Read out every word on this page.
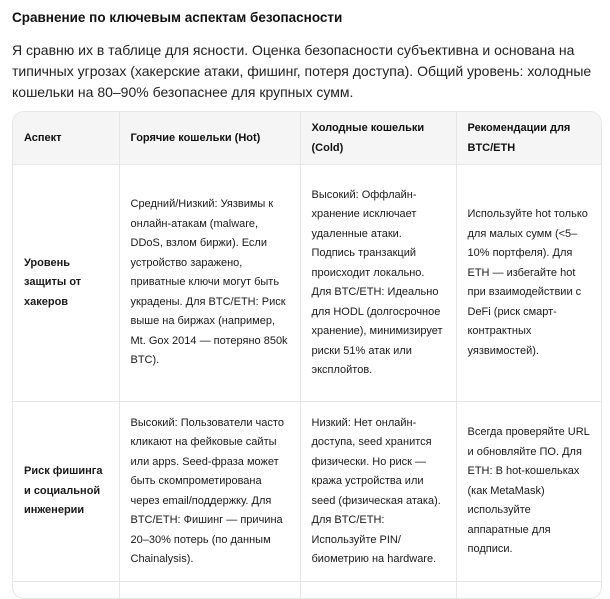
Сравнение по ключевым аспектам безопасности
Я сравню их в таблице для ясности. Оценка безопасности субъективна и основана на типичных угрозах (хакерские атаки, фишинг, потеря доступа). Общий уровень: холодные кошельки на 80–90% безопаснее для крупных сумм.
Аспект	Горячие кошельки (Hot)	Холодные кошельки (Cold)	Рекомендации для BTC/ETH
Уровень защиты от хакеров	Средний/Низкий: Уязвимы к онлайн-атакам (malware, DDoS, взлом биржи). Если устройство заражено, приватные ключи могут быть украдены. Для BTC/ETH: Риск выше на биржах (например, Mt. Gox 2014 — потеряно 850k BTC).	Высокий: Оффлайн-хранение исключает удаленные атаки. Подпись транзакций происходит локально. Для BTC/ETH: Идеально для HODL (долгосрочное хранение), минимизирует риски 51% атак или эксплойтов.	Используйте hot только для малых сумм (<5–10% портфеля). Для ETH — избегайте hot при взаимодействии с DeFi (риск смарт-контрактных уязвимостей).
Риск фишинга и социальной инженерии	Высокий: Пользователи часто кликают на фейковые сайты или apps. Seed-фраза может быть скомпрометирована через email/поддержку. Для BTC/ETH: Фишинг — причина 20–30% потерь (по данным Chainalysis).	Низкий: Нет онлайн-доступа, seed хранится физически. Но риск — кража устройства или seed (физическая атака). Для BTC/ETH: Используйте PIN/биометрию на hardware.	Всегда проверяйте URL и обновляйте ПО. Для ETH: В hot-кошельках (как MetaMask) используйте аппаратные для подписи.
